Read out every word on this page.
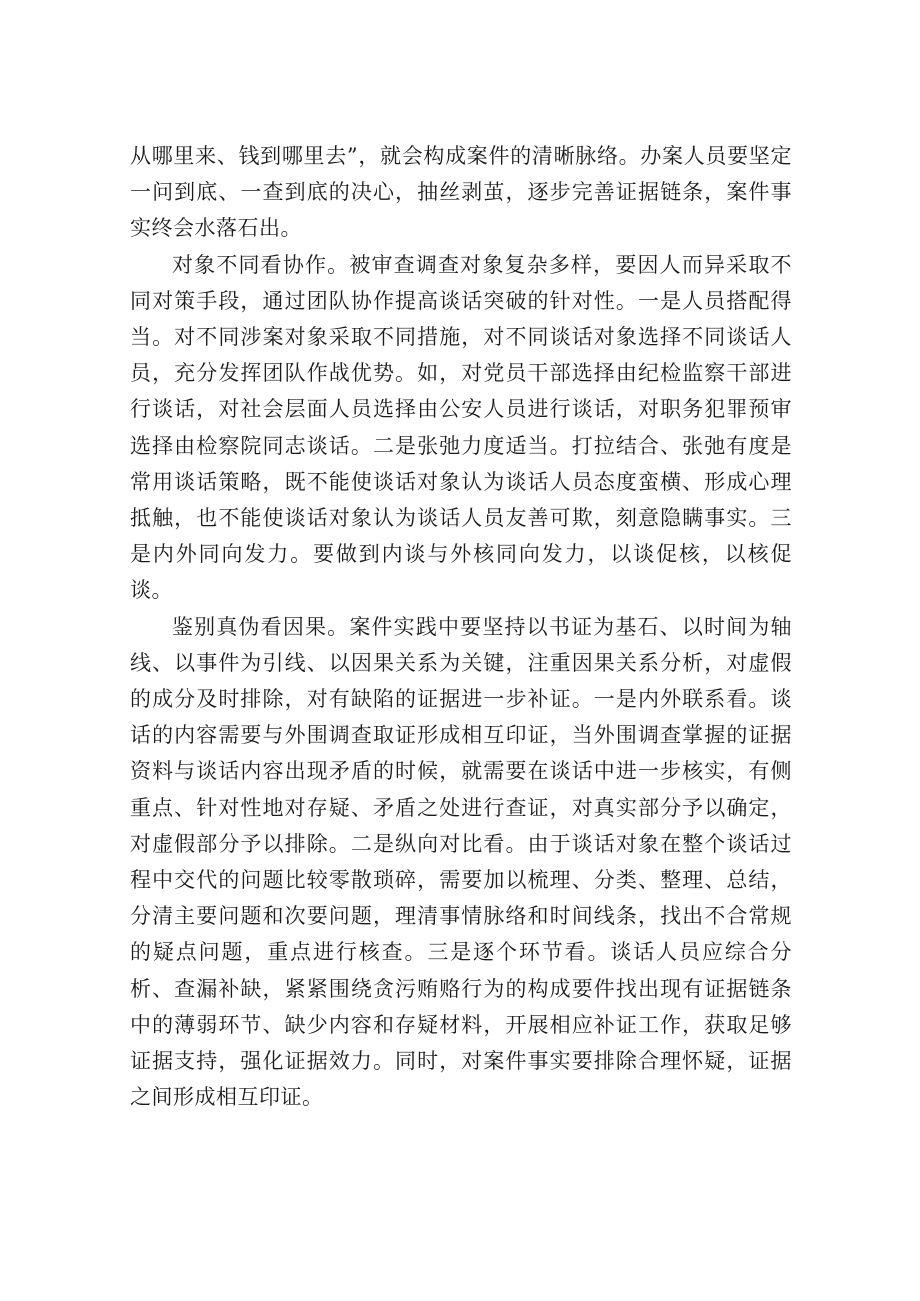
从哪里来、钱到哪里去”，就会构成案件的清晰脉络。办案人员要坚定一问到底、一查到底的决心，抽丝剥茧，逐步完善证据链条，案件事实终会水落石出。

对象不同看协作。被审查调查对象复杂多样，要因人而异采取不同对策手段，通过团队协作提高谈话突破的针对性。一是人员搭配得当。对不同涉案对象采取不同措施，对不同谈话对象选择不同谈话人员，充分发挥团队作战优势。如，对党员干部选择由纪检监察干部进行谈话，对社会层面人员选择由公安人员进行谈话，对职务犯罪预审选择由检察院同志谈话。二是张弛力度适当。打拉结合、张弛有度是常用谈话策略，既不能使谈话对象认为谈话人员态度蛮横、形成心理抵触，也不能使谈话对象认为谈话人员友善可欺，刻意隐瞒事实。三是内外同向发力。要做到内谈与外核同向发力，以谈促核，以核促谈。

鉴别真伪看因果。案件实践中要坚持以书证为基石、以时间为轴线、以事件为引线、以因果关系为关键，注重因果关系分析，对虚假的成分及时排除，对有缺陷的证据进一步补证。一是内外联系看。谈话的内容需要与外围调查取证形成相互印证，当外围调查掌握的证据资料与谈话内容出现矛盾的时候，就需要在谈话中进一步核实，有侧重点、针对性地对存疑、矛盾之处进行查证，对真实部分予以确定，对虚假部分予以排除。二是纵向对比看。由于谈话对象在整个谈话过程中交代的问题比较零散琐碎，需要加以梳理、分类、整理、总结，分清主要问题和次要问题，理清事情脉络和时间线条，找出不合常规的疑点问题，重点进行核查。三是逐个环节看。谈话人员应综合分析、查漏补缺，紧紧围绕贪污贿赂行为的构成要件找出现有证据链条中的薄弱环节、缺少内容和存疑材料，开展相应补证工作，获取足够证据支持，强化证据效力。同时，对案件事实要排除合理怀疑，证据之间形成相互印证。
